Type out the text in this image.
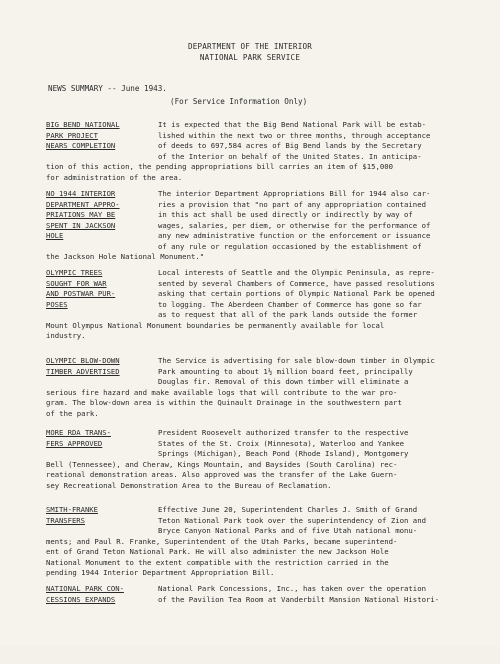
DEPARTMENT OF THE INTERIOR
NATIONAL PARK SERVICE
NEWS SUMMARY -- June 1943.
(For Service Information Only)
BIG BEND NATIONAL
PARK PROJECT
NEARS COMPLETION
It is expected that the Big Bend National Park will be estab-
lished within the next two or three months, through acceptance
of deeds to 697,584 acres of Big Bend lands by the Secretary
of the Interior on behalf of the United States. In anticipa-
tion of this action, the pending appropriations bill carries an item of $15,000
for administration of the area.
NO 1944 INTERIOR
DEPARTMENT APPRO-
PRIATIONS MAY BE
SPENT IN JACKSON
HOLE
The interior Department Appropriations Bill for 1944 also car-
ries a provision that "no part of any appropriation contained
in this act shall be used directly or indirectly by way of
wages, salaries, per diem, or otherwise for the performance of
any new administrative function or the enforcement or issuance
of any rule or regulation occasioned by the establishment of
the Jackson Hole National Monument."
OLYMPIC TREES
SOUGHT FOR WAR
AND POSTWAR PUR-
POSES
Local interests of Seattle and the Olympic Peninsula, as repre-
sented by several Chambers of Commerce, have passed resolutions
asking that certain portions of Olympic National Park be opened
to logging. The Aberdeen Chamber of Commerce has gone so far
as to request that all of the park lands outside the former
Mount Olympus National Monument boundaries be permanently available for local
industry.
OLYMPIC BLOW-DOWN
TIMBER ADVERTISED
The Service is advertising for sale blow-down timber in Olympic
Park amounting to about 1½ million board feet, principally
Douglas fir. Removal of this down timber will eliminate a
serious fire hazard and make available logs that will contribute to the war pro-
gram. The blow-down area is within the Quinault Drainage in the southwestern part
of the park.
MORE RDA TRANS-
FERS APPROVED
President Roosevelt authorized transfer to the respective
States of the St. Croix (Minnesota), Waterloo and Yankee
Springs (Michigan), Beach Pond (Rhode Island), Montgomery
Bell (Tennessee), and Cheraw, Kings Mountain, and Baysides (South Carolina) rec-
reational demonstration areas. Also approved was the transfer of the Lake Guern-
sey Recreational Demonstration Area to the Bureau of Reclamation.
SMITH-FRANKE
TRANSFERS
Effective June 20, Superintendent Charles J. Smith of Grand
Teton National Park took over the superintendency of Zion and
Bryce Canyon National Parks and of five Utah national monu-
ments; and Paul R. Franke, Superintendent of the Utah Parks, became superintend-
ent of Grand Teton National Park. He will also administer the new Jackson Hole
National Monument to the extent compatible with the restriction carried in the
pending 1944 Interior Department Appropriation Bill.
NATIONAL PARK CON-
CESSIONS EXPANDS
National Park Concessions, Inc., has taken over the operation
of the Pavilion Tea Room at Vanderbilt Mansion National Histori-
